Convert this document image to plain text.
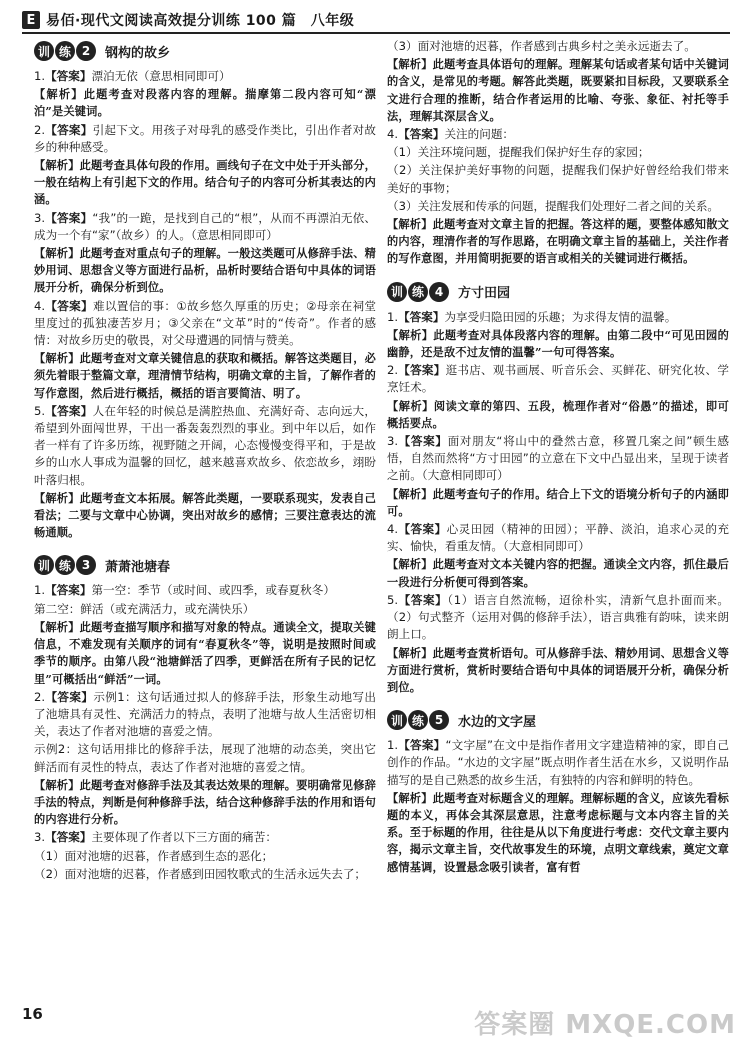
E 易佰·现代文阅读高效提分训练 100 篇　八年级
训 练 2	钢构的故乡

1.【答案】漂泊无依（意思相同即可）

【解析】此题考查对段落内容的理解。揣摩第二段内容可知“漂泊”是关键词。

2.【答案】引起下文。用孩子对母乳的感受作类比，引出作者对故乡的种种感受。

【解析】此题考查具体句段的作用。画线句子在文中处于开头部分，一般在结构上有引起下文的作用。结合句子的内容可分析其表达的内涵。

3.【答案】“我”的一跪，是找到自己的“根”，从而不再漂泊无依、成为一个有“家”（故乡）的人。（意思相同即可）

【解析】此题考查对重点句子的理解。一般这类题可从修辞手法、精妙用词、思想含义等方面进行品析，品析时要结合语句中具体的词语展开分析，确保分析到位。

4.【答案】难以置信的事：①故乡悠久厚重的历史；②母亲在祠堂里度过的孤独凄苦岁月；③父亲在“文革”时的“传奇”。作者的感情：对故乡历史的敬畏，对父母遭遇的同情与赞美。

【解析】此题考查对文章关键信息的获取和概括。解答这类题目，必须先着眼于整篇文章，理清情节结构，明确文章的主旨，了解作者的写作意图，然后进行概括，概括的语言要简洁、明了。

5.【答案】人在年轻的时候总是满腔热血、充满好奇、志向远大，希望到外面闯世界，干出一番轰轰烈烈的事业。到中年以后，如作者一样有了许多历练，视野随之开阔，心态慢慢变得平和，于是故乡的山水人事成为温馨的回忆，越来越喜欢故乡、依恋故乡，翊盼叶落归根。

【解析】此题考查文本拓展。解答此类题，一要联系现实，发表自己看法；二要与文章中心协调，突出对故乡的感情；三要注意表达的流畅通顺。

训 练 3	萧萧池塘春

1.【答案】第一空：季节（或时间、或四季，或春夏秋冬）

第二空：鲜活（或充满活力，或充满快乐）

【解析】此题考查描写顺序和描写对象的特点。通读全文，提取关键信息，不难发现有关顺序的词有“春夏秋冬”等，说明是按照时间或季节的顺序。由第八段“池塘鲜活了四季，更鲜活在所有子民的记忆里”可概括出“鲜活”一词。

2.【答案】示例1：这句话通过拟人的修辞手法，形象生动地写出了池塘具有灵性、充满活力的特点，表明了池塘与故人生活密切相关，表达了作者对池塘的喜爱之情。

示例2：这句话用排比的修辞手法，展现了池塘的动态美，突出它鲜活而有灵性的特点，表达了作者对池塘的喜爱之情。

【解析】此题考查对修辞手法及其表达效果的理解。要明确常见修辞手法的特点，判断是何种修辞手法，结合这种修辞手法的作用和语句的内容进行分析。

3.【答案】主要体现了作者以下三方面的痛苦：

（1）面对池塘的迟暮，作者感到生态的恶化；

（2）面对池塘的迟暮，作者感到田园牧歌式的生活永远失去了；

（3）面对池塘的迟暮，作者感到古典乡村之美永远逝去了。

【解析】此题考查具体语句的理解。理解某句话或者某句话中关键词的含义，是常见的考题。解答此类题，既要紧扣目标段，又要联系全文进行合理的推断，结合作者运用的比喻、夸张、象征、衬托等手法，理解其深层含义。

4.【答案】关注的问题：

（1）关注环境问题，提醒我们保护好生存的家园；

（2）关注保护美好事物的问题，提醒我们保护好曾经给我们带来美好的事物；

（3）关注发展和传承的问题，提醒我们处理好二者之间的关系。

【解析】此题考查对文章主旨的把握。答这样的题，要整体感知散文的内容，理清作者的写作思路，在明确文章主旨的基础上，关注作者的写作意图，并用简明扼要的语言或相关的关键词进行概括。

训 练 4	方寸田园

1.【答案】为享受归隐田园的乐趣；为求得友情的温馨。

【解析】此题考查对具体段落内容的理解。由第二段中“可见田园的幽静，还是敌不过友情的温馨”一句可得答案。

2.【答案】逛书店、观书画展、听音乐会、买鲜花、研究化妆、学烹饪术。

【解析】阅读文章的第四、五段，梳理作者对“俗愚”的描述，即可概括要点。

3.【答案】面对朋友“将山中的叠然古意，移置几案之间”顿生感悟，自然而然将“方寸田园”的立意在下文中凸显出来，呈现于读者之前。（大意相同即可）

【解析】此题考查句子的作用。结合上下文的语境分析句子的内涵即可。

4.【答案】心灵田园（精神的田园）；平静、淡泊，追求心灵的充实、愉快，看重友情。（大意相同即可）

【解析】此题考查对文本关键内容的把握。通读全文内容，抓住最后一段进行分析便可得到答案。

5.【答案】（1）语言自然流畅，迢徐朴实，清新气息扑面而来。（2）句式整齐（运用对偶的修辞手法），语言典雅有韵味，读来朗朗上口。

【解析】此题考查赏析语句。可从修辞手法、精妙用词、思想含义等方面进行赏析，赏析时要结合语句中具体的词语展开分析，确保分析到位。

训 练 5	水边的文字屋

1.【答案】“文字屋”在文中是指作者用文字建造精神的家，即自己创作的作品。“水边的文字屋”既点明作者生活在水乡，又说明作品描写的是自己熟悉的故乡生活，有独特的内容和鲜明的特色。

【解析】此题考查对标题含义的理解。理解标题的含义，应该先看标题的本义，再体会其深层意思，注意考虑标题与文本内容主旨的关系。至于标题的作用，往往是从以下角度进行考虑：交代文章主要内容，揭示文章主旨，交代故事发生的环境，点明文章线索，奠定文章感情基调，设置悬念吸引读者，富有哲

16	答案圈 MXQE.COM
